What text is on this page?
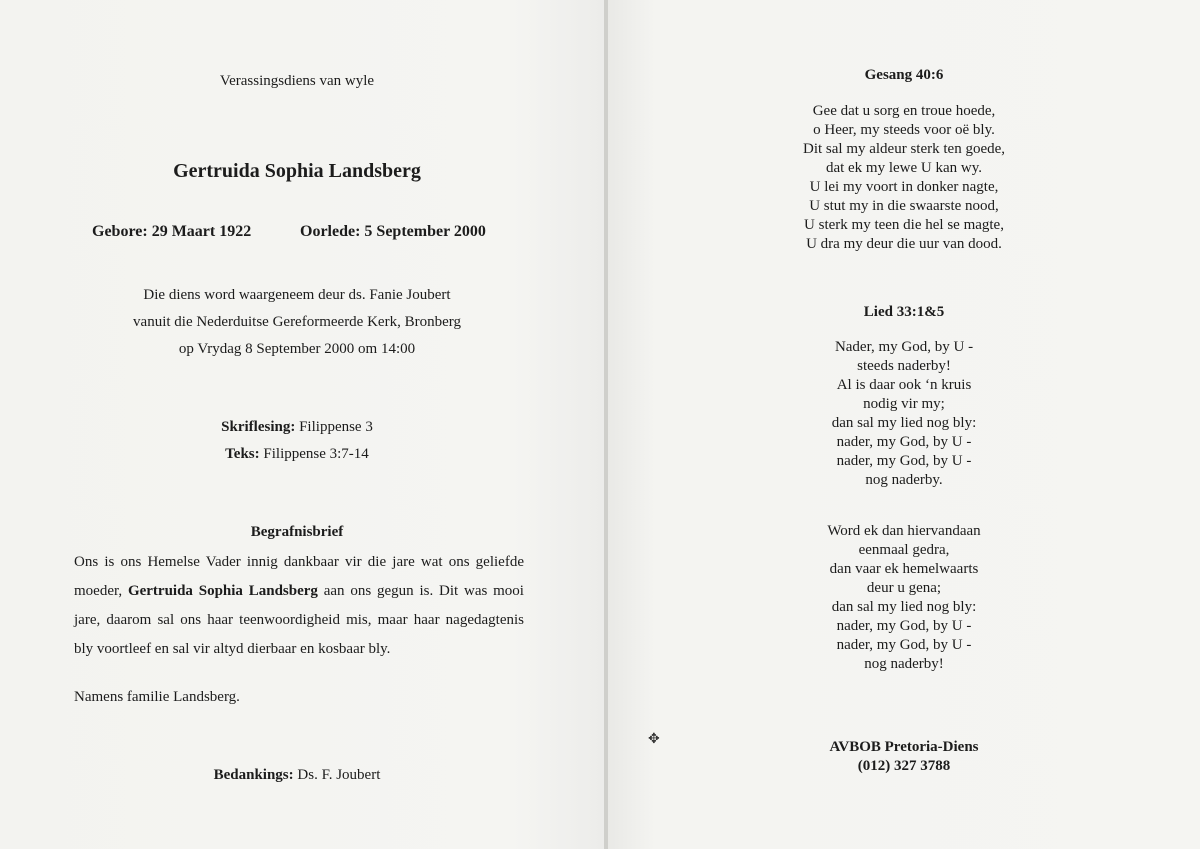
Verassingsdiens van wyle
Gertruida Sophia Landsberg
Gebore: 29 Maart 1922	Oorlede: 5 September 2000
Die diens word waargeneem deur ds. Fanie Joubert
vanuit die Nederduitse Gereformeerde Kerk, Bronberg
op Vrydag 8 September 2000 om 14:00
Skriflesing: Filippense 3
Teks: Filippense 3:7-14
Begrafnisbrief
Ons is ons Hemelse Vader innig dankbaar vir die jare wat ons geliefde moeder, Gertruida Sophia Landsberg aan ons gegun is. Dit was mooi jare, daarom sal ons haar teenwoordigheid mis, maar haar nagedagtenis bly voortleef en sal vir altyd dierbaar en kosbaar bly.
Namens familie Landsberg.
Bedankings: Ds. F. Joubert
Gesang 40:6
Gee dat u sorg en troue hoede,
o Heer, my steeds voor oë bly.
Dit sal my aldeur sterk ten goede,
dat ek my lewe U kan wy.
U lei my voort in donker nagte,
U stut my in die swaarste nood,
U sterk my teen die hel se magte,
U dra my deur die uur van dood.
Lied 33:1&5
Nader, my God, by U -
steeds naderby!
Al is daar ook ‘n kruis
nodig vir my;
dan sal my lied nog bly:
nader, my God, by U -
nader, my God, by U -
nog naderby.
Word ek dan hiervandaan
eenmaal gedra,
dan vaar ek hemelwaarts
deur u gena;
dan sal my lied nog bly:
nader, my God, by U -
nader, my God, by U -
nog naderby!
✥	AVBOB Pretoria-Diens
(012) 327 3788
